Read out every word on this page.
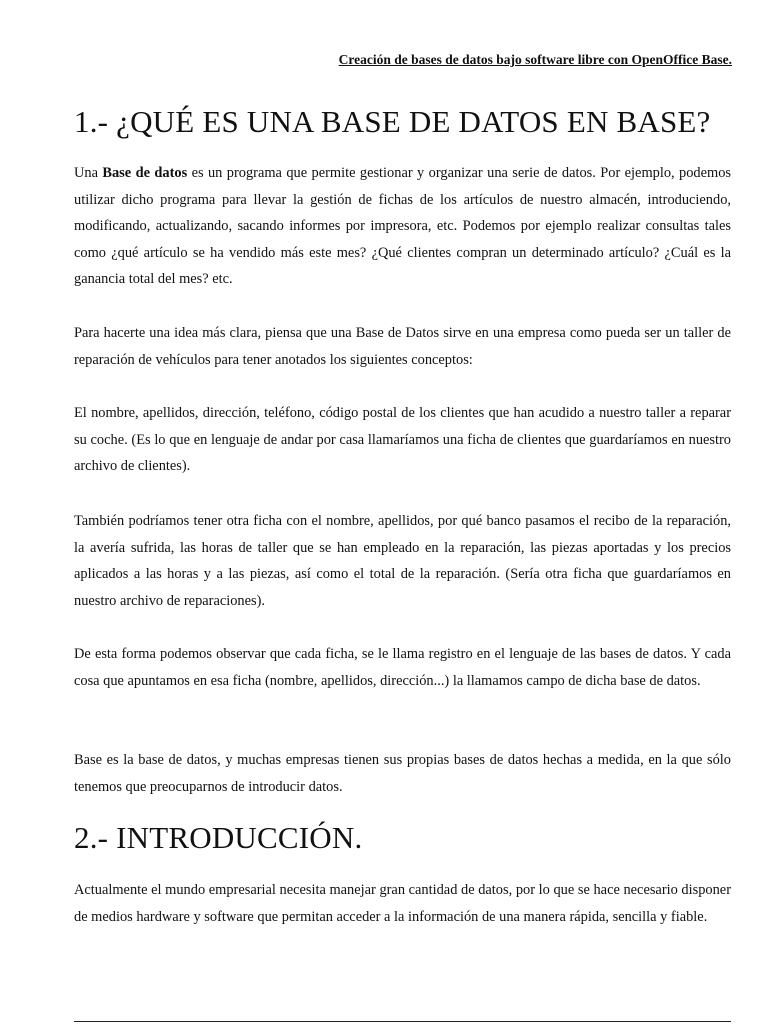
Creación de bases de datos bajo software libre con OpenOffice Base.
1.- ¿QUÉ ES UNA BASE DE DATOS EN BASE?

Una Base de datos es un programa que permite gestionar y organizar una serie de datos. Por ejemplo, podemos utilizar dicho programa para llevar la gestión de fichas de los artículos de nuestro almacén, introduciendo, modificando, actualizando, sacando informes por impresora, etc. Podemos por ejemplo realizar consultas tales como ¿qué artículo se ha vendido más este mes? ¿Qué clientes compran un determinado artículo? ¿Cuál es la ganancia total del mes? etc.

Para hacerte una idea más clara, piensa que una Base de Datos sirve en una empresa como pueda ser un taller de reparación de vehículos para tener anotados los siguientes conceptos:

El nombre, apellidos, dirección, teléfono, código postal de los clientes que han acudido a nuestro taller a reparar su coche. (Es lo que en lenguaje de andar por casa llamaríamos una ficha de clientes que guardaríamos en nuestro archivo de clientes).

También podríamos tener otra ficha con el nombre, apellidos, por qué banco pasamos el recibo de la reparación, la avería sufrida, las horas de taller que se han empleado en la reparación, las piezas aportadas y los precios aplicados a las horas y a las piezas, así como el total de la reparación. (Sería otra ficha que guardaríamos en nuestro archivo de reparaciones).

De esta forma podemos observar que cada ficha, se le llama registro en el lenguaje de las bases de datos. Y cada cosa que apuntamos en esa ficha (nombre, apellidos, dirección...) la llamamos campo de dicha base de datos.

Base es la base de datos, y muchas empresas tienen sus propias bases de datos hechas a medida, en la que sólo tenemos que preocuparnos de introducir datos.

2.- INTRODUCCIÓN.

Actualmente el mundo empresarial necesita manejar gran cantidad de datos, por lo que se hace necesario disponer de medios hardware y software que permitan acceder a la información de una manera rápida, sencilla y fiable.
